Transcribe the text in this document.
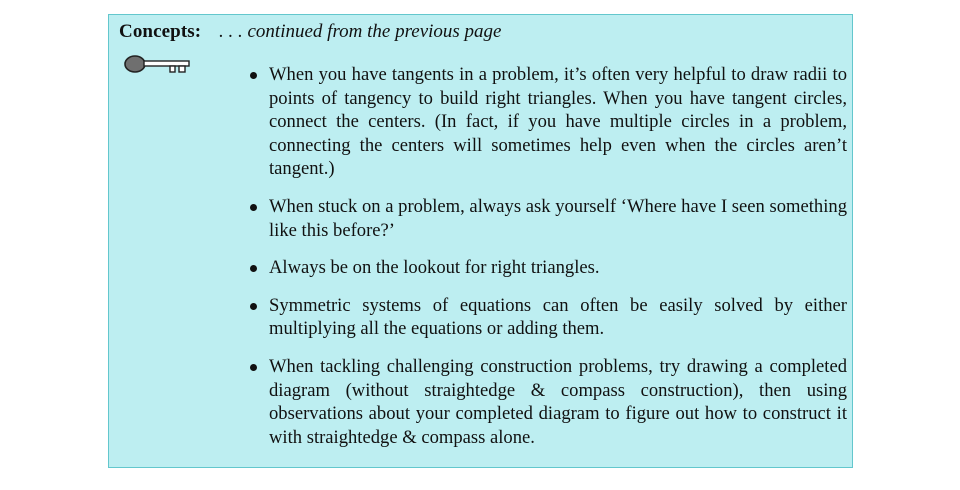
Concepts: . . . continued from the previous page
When you have tangents in a problem, it’s often very helpful to draw radii to points of tangency to build right triangles. When you have tangent circles, connect the centers. (In fact, if you have multiple circles in a problem, connecting the centers will sometimes help even when the circles aren’t tangent.)
When stuck on a problem, always ask yourself ‘Where have I seen something like this before?’
Always be on the lookout for right triangles.
Symmetric systems of equations can often be easily solved by either multiplying all the equations or adding them.
When tackling challenging construction problems, try drawing a completed diagram (without straightedge & compass construction), then using observations about your completed diagram to figure out how to construct it with straightedge & compass alone.
